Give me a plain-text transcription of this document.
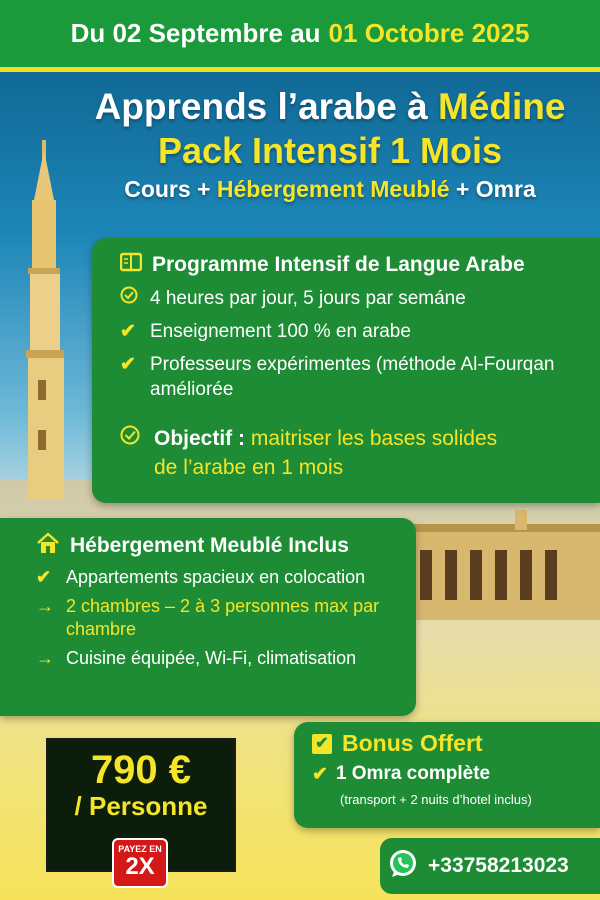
Du 02 Septembre au 01 Octobre 2025
Apprends l’arabe à Médine
Pack Intensif 1 Mois
Cours + Hébergement Meublé + Omra
Programme Intensif de Langue Arabe
4 heures par jour, 5 jours par semáne
✔ Enseignement 100 % en arabe
✔ Professeurs expérimentes (méthode Al-Fourqan améliorée
Objectif : maitriser les bases solides
de l’arabe en 1 mois
Hébergement Meublé Inclus
✔ Appartements spacieux en colocation
→ 2 chambres – 2 à 3 personnes max par chambre
→ Cuisine équipée, Wi-Fi, climatisation
790 €
/ Personne
PAYEZ EN
2X
✔ Bonus Offert
✔ 1 Omra complète
(transport + 2 nuits d’hotel inclus)
+33758213023
